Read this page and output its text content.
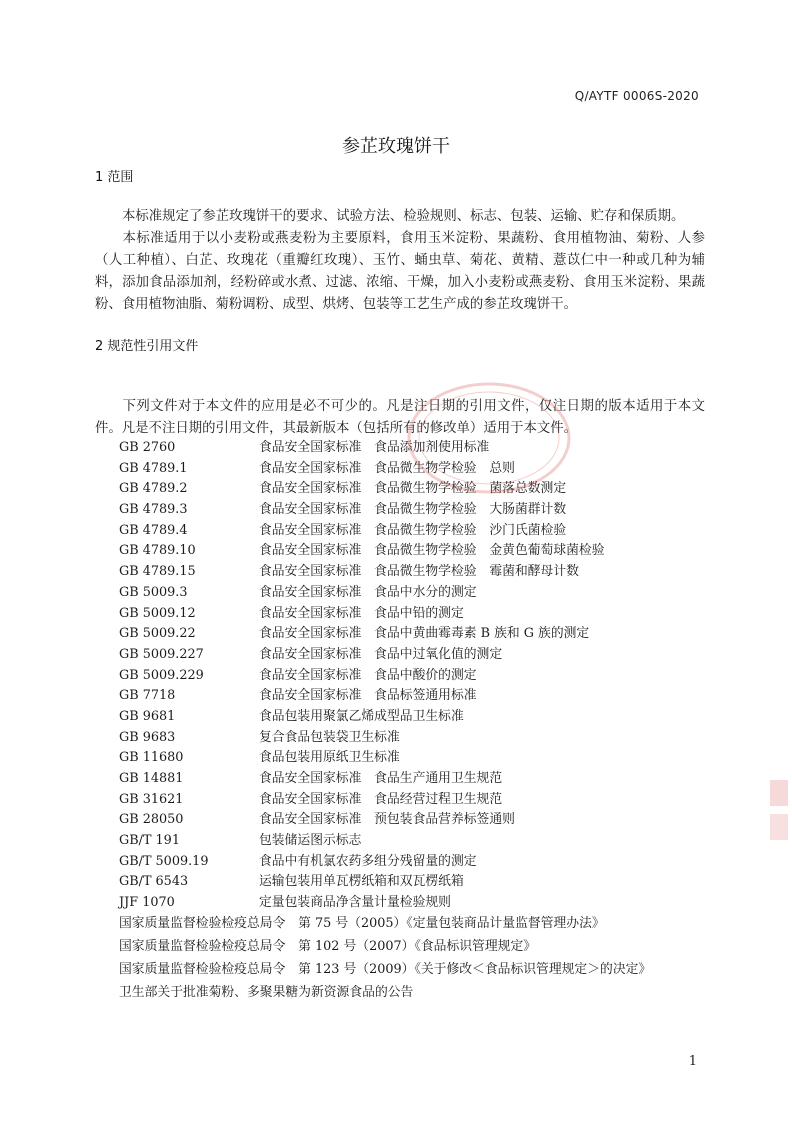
Q/AYTF 0006S-2020
参芷玫瑰饼干
1 范围

本标准规定了参芷玫瑰饼干的要求、试验方法、检验规则、标志、包装、运输、贮存和保质期。

本标准适用于以小麦粉或燕麦粉为主要原料，食用玉米淀粉、果蔬粉、食用植物油、菊粉、人参（人工种植）、白芷、玫瑰花（重瓣红玫瑰）、玉竹、蛹虫草、菊花、黄精、薏苡仁中一种或几种为辅料，添加食品添加剂，经粉碎或水煮、过滤、浓缩、干燥，加入小麦粉或燕麦粉、食用玉米淀粉、果蔬粉、食用植物油脂、菊粉调粉、成型、烘烤、包装等工艺生产成的参芷玫瑰饼干。

2 规范性引用文件

下列文件对于本文件的应用是必不可少的。凡是注日期的引用文件，仅注日期的版本适用于本文件。凡是不注日期的引用文件，其最新版本（包括所有的修改单）适用于本文件。

GB 2760	食品安全国家标准　食品添加剂使用标准
GB 4789.1	食品安全国家标准　食品微生物学检验　总则
GB 4789.2	食品安全国家标准　食品微生物学检验　菌落总数测定
GB 4789.3	食品安全国家标准　食品微生物学检验　大肠菌群计数
GB 4789.4	食品安全国家标准　食品微生物学检验　沙门氏菌检验
GB 4789.10	食品安全国家标准　食品微生物学检验　金黄色葡萄球菌检验
GB 4789.15	食品安全国家标准　食品微生物学检验　霉菌和酵母计数
GB 5009.3	食品安全国家标准　食品中水分的测定
GB 5009.12	食品安全国家标准　食品中铅的测定
GB 5009.22	食品安全国家标准　食品中黄曲霉毒素 B 族和 G 族的测定
GB 5009.227	食品安全国家标准　食品中过氧化值的测定
GB 5009.229	食品安全国家标准　食品中酸价的测定
GB 7718	食品安全国家标准　食品标签通用标准
GB 9681	食品包装用聚氯乙烯成型品卫生标准
GB 9683	复合食品包装袋卫生标准
GB 11680	食品包装用原纸卫生标准
GB 14881	食品安全国家标准　食品生产通用卫生规范
GB 31621	食品安全国家标准　食品经营过程卫生规范
GB 28050	食品安全国家标准　预包装食品营养标签通则
GB/T 191	包装储运图示标志
GB/T 5009.19	食品中有机氯农药多组分残留量的测定
GB/T 6543	运输包装用单瓦楞纸箱和双瓦楞纸箱
JJF 1070	定量包装商品净含量计量检验规则
国家质量监督检验检疫总局令　第 75 号（2005）《定量包装商品计量监督管理办法》
国家质量监督检验检疫总局令　第 102 号（2007）《食品标识管理规定》
国家质量监督检验检疫总局令　第 123 号（2009）《关于修改＜食品标识管理规定＞的决定》
卫生部关于批准菊粉、多聚果糖为新资源食品的公告
1
